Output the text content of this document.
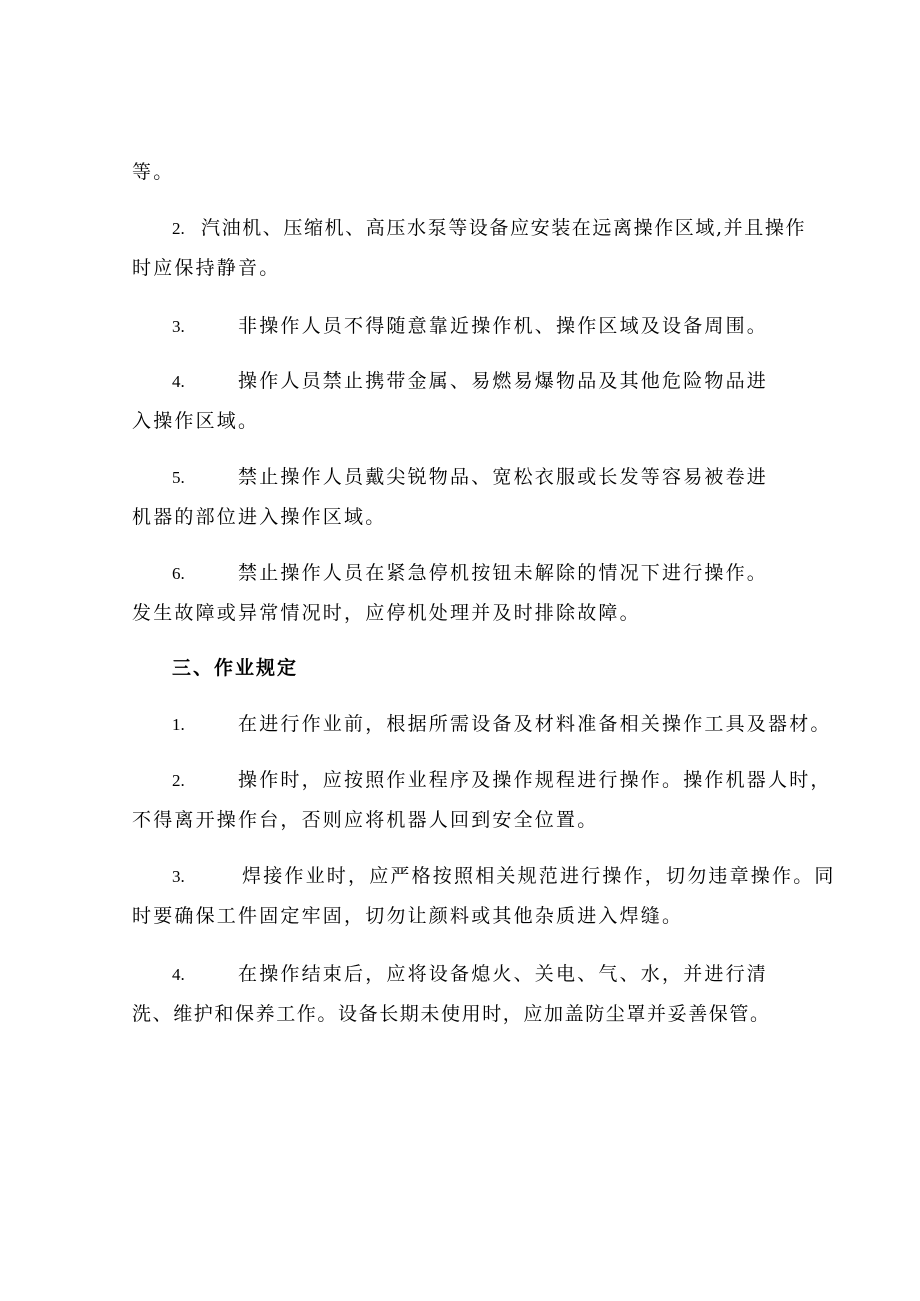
等。
2. 汽油机、压缩机、高压水泵等设备应安装在远离操作区域,并且操作
时应保持静音。
3.	非操作人员不得随意靠近操作机、操作区域及设备周围。
4.	操作人员禁止携带金属、易燃易爆物品及其他危险物品进
入操作区域。
5.	禁止操作人员戴尖锐物品、宽松衣服或长发等容易被卷进
机器的部位进入操作区域。
6.	禁止操作人员在紧急停机按钮未解除的情况下进行操作。
发生故障或异常情况时，应停机处理并及时排除故障。
三、作业规定
1.	在进行作业前，根据所需设备及材料准备相关操作工具及器材。
2.	操作时，应按照作业程序及操作规程进行操作。操作机器人时，
不得离开操作台，否则应将机器人回到安全位置。
3.	焊接作业时，应严格按照相关规范进行操作，切勿违章操作。同
时要确保工件固定牢固，切勿让颜料或其他杂质进入焊缝。
4.	在操作结束后，应将设备熄火、关电、气、水，并进行清
洗、维护和保养工作。设备长期未使用时，应加盖防尘罩并妥善保管。
